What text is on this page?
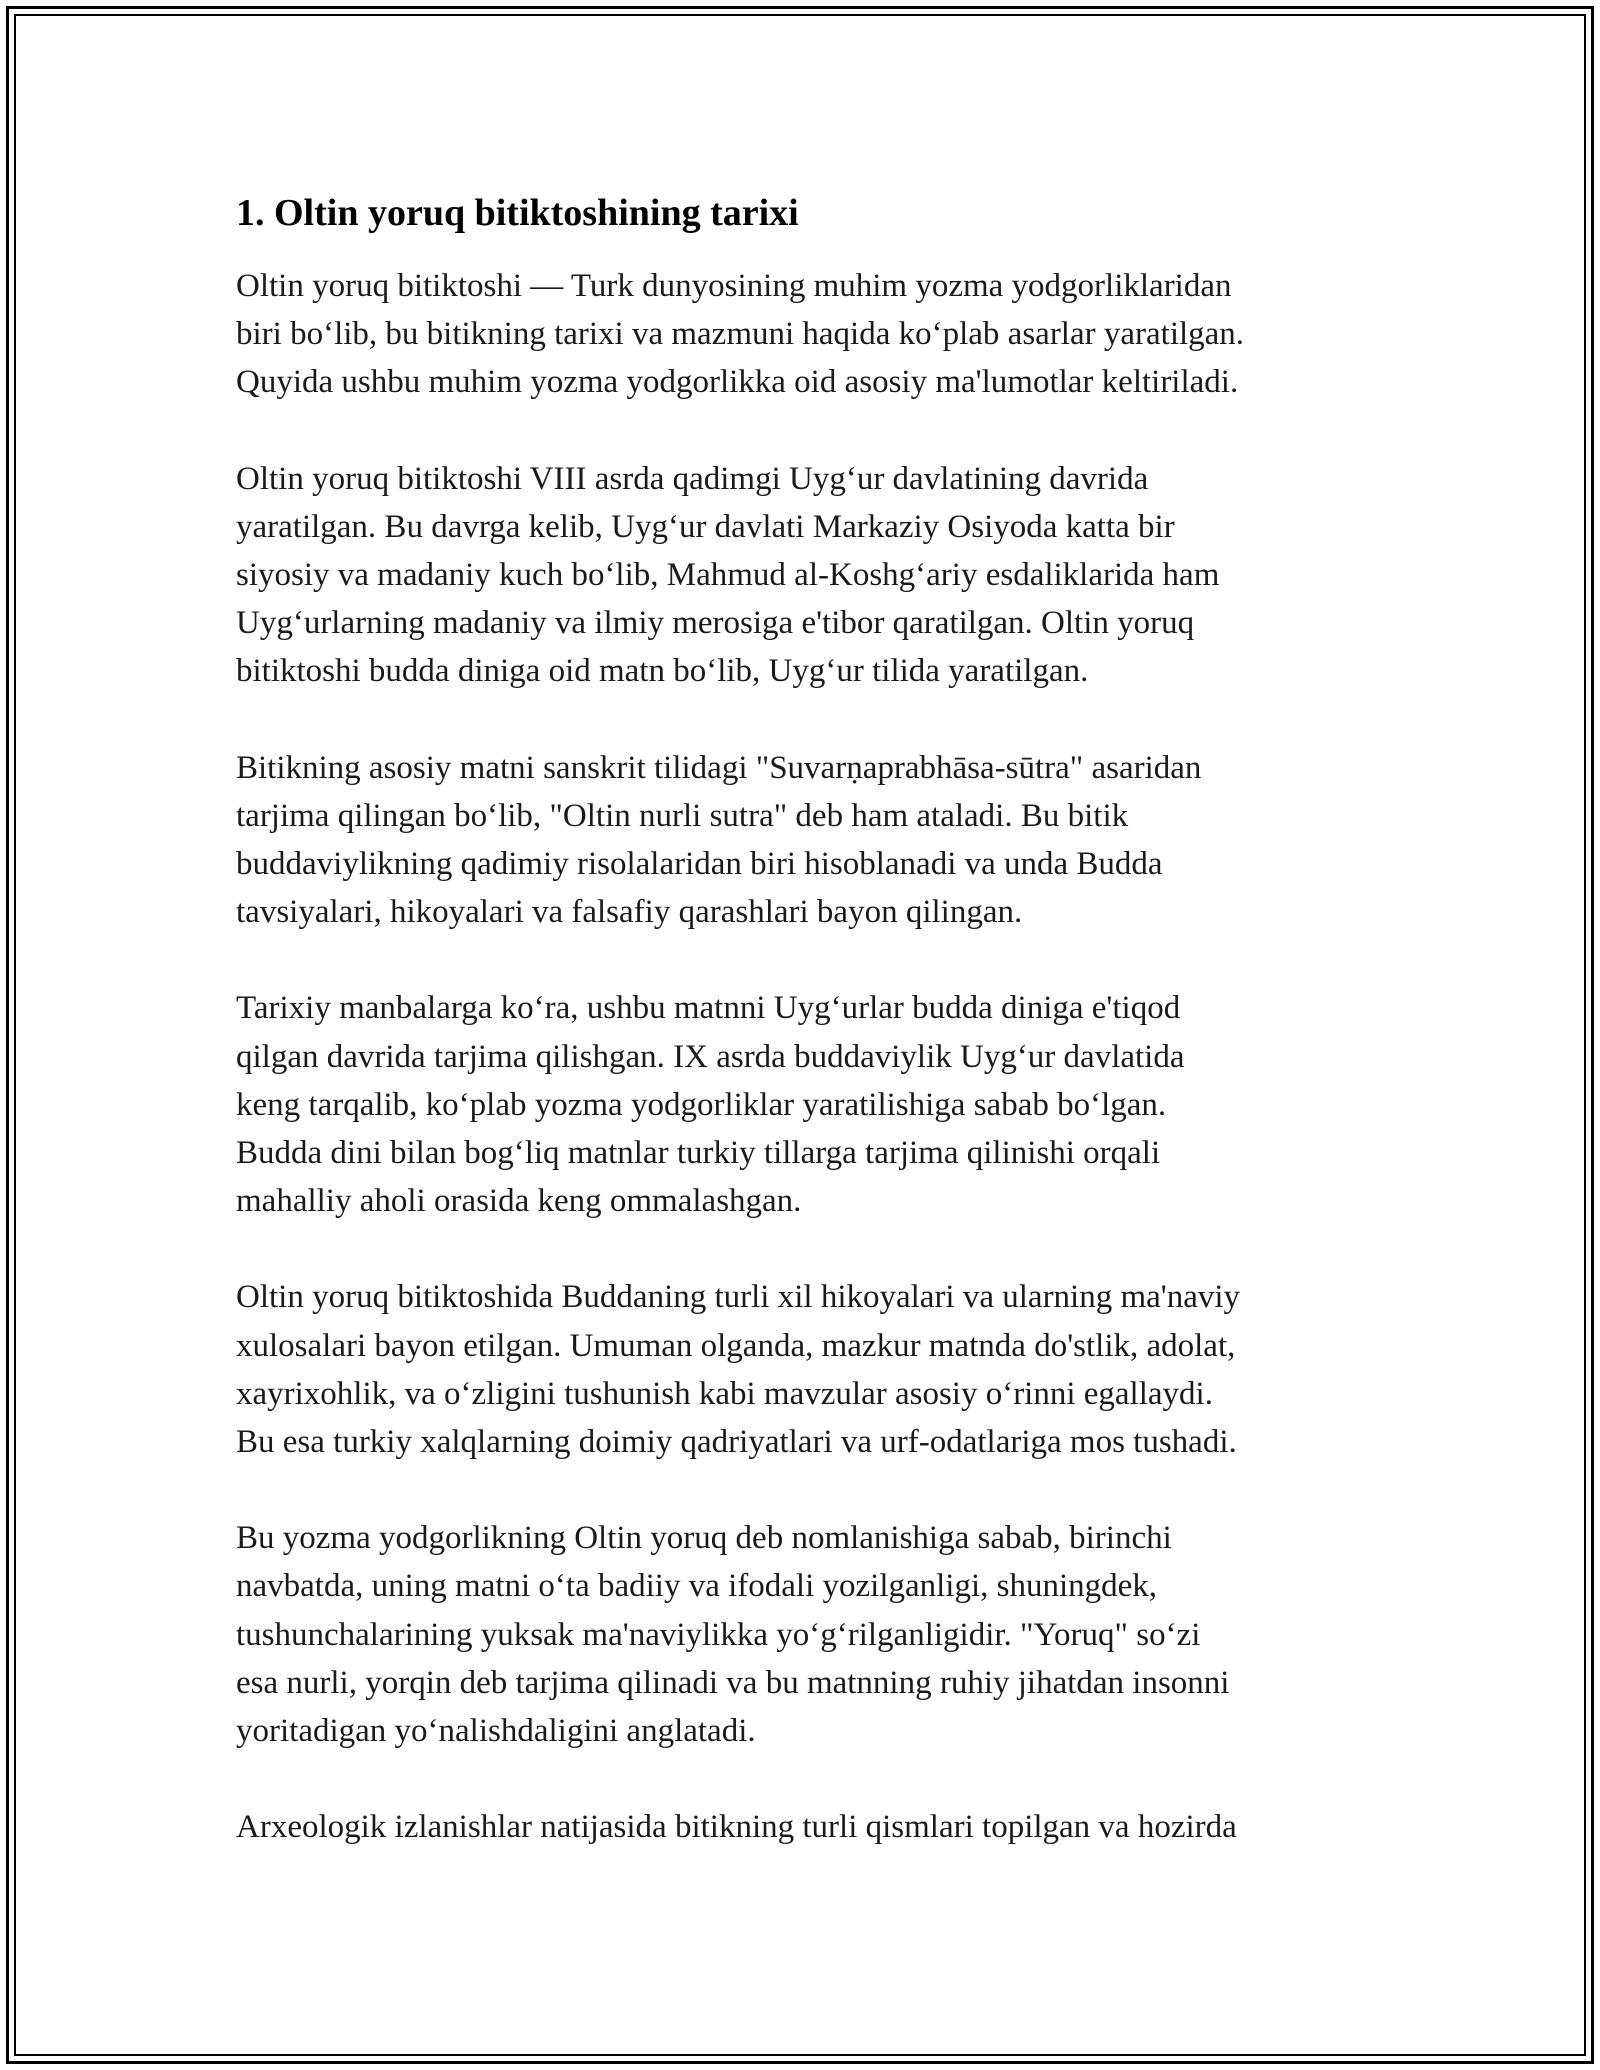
1. Oltin yoruq bitiktoshining tarixi

Oltin yoruq bitiktoshi — Turk dunyosining muhim yozma yodgorliklaridan
biri bo‘lib, bu bitikning tarixi va mazmuni haqida ko‘plab asarlar yaratilgan.
Quyida ushbu muhim yozma yodgorlikka oid asosiy ma'lumotlar keltiriladi.

Oltin yoruq bitiktoshi VIII asrda qadimgi Uyg‘ur davlatining davrida
yaratilgan. Bu davrga kelib, Uyg‘ur davlati Markaziy Osiyoda katta bir
siyosiy va madaniy kuch bo‘lib, Mahmud al-Koshg‘ariy esdaliklarida ham
Uyg‘urlarning madaniy va ilmiy merosiga e'tibor qaratilgan. Oltin yoruq
bitiktoshi budda diniga oid matn bo‘lib, Uyg‘ur tilida yaratilgan.

Bitikning asosiy matni sanskrit tilidagi "Suvarṇaprabhāsa-sūtra" asaridan
tarjima qilingan bo‘lib, "Oltin nurli sutra" deb ham ataladi. Bu bitik
buddaviylikning qadimiy risolalaridan biri hisoblanadi va unda Budda
tavsiyalari, hikoyalari va falsafiy qarashlari bayon qilingan.

Tarixiy manbalarga ko‘ra, ushbu matnni Uyg‘urlar budda diniga e'tiqod
qilgan davrida tarjima qilishgan. IX asrda buddaviylik Uyg‘ur davlatida
keng tarqalib, ko‘plab yozma yodgorliklar yaratilishiga sabab bo‘lgan.
Budda dini bilan bog‘liq matnlar turkiy tillarga tarjima qilinishi orqali
mahalliy aholi orasida keng ommalashgan.

Oltin yoruq bitiktoshida Buddaning turli xil hikoyalari va ularning ma'naviy
xulosalari bayon etilgan. Umuman olganda, mazkur matnda do'stlik, adolat,
xayrixohlik, va o‘zligini tushunish kabi mavzular asosiy o‘rinni egallaydi.
Bu esa turkiy xalqlarning doimiy qadriyatlari va urf-odatlariga mos tushadi.

Bu yozma yodgorlikning Oltin yoruq deb nomlanishiga sabab, birinchi
navbatda, uning matni o‘ta badiiy va ifodali yozilganligi, shuningdek,
tushunchalarining yuksak ma'naviylikka yo‘g‘rilganligidir. "Yoruq" so‘zi
esa nurli, yorqin deb tarjima qilinadi va bu matnning ruhiy jihatdan insonni
yoritadigan yo‘nalishdaligini anglatadi.

Arxeologik izlanishlar natijasida bitikning turli qismlari topilgan va hozirda
